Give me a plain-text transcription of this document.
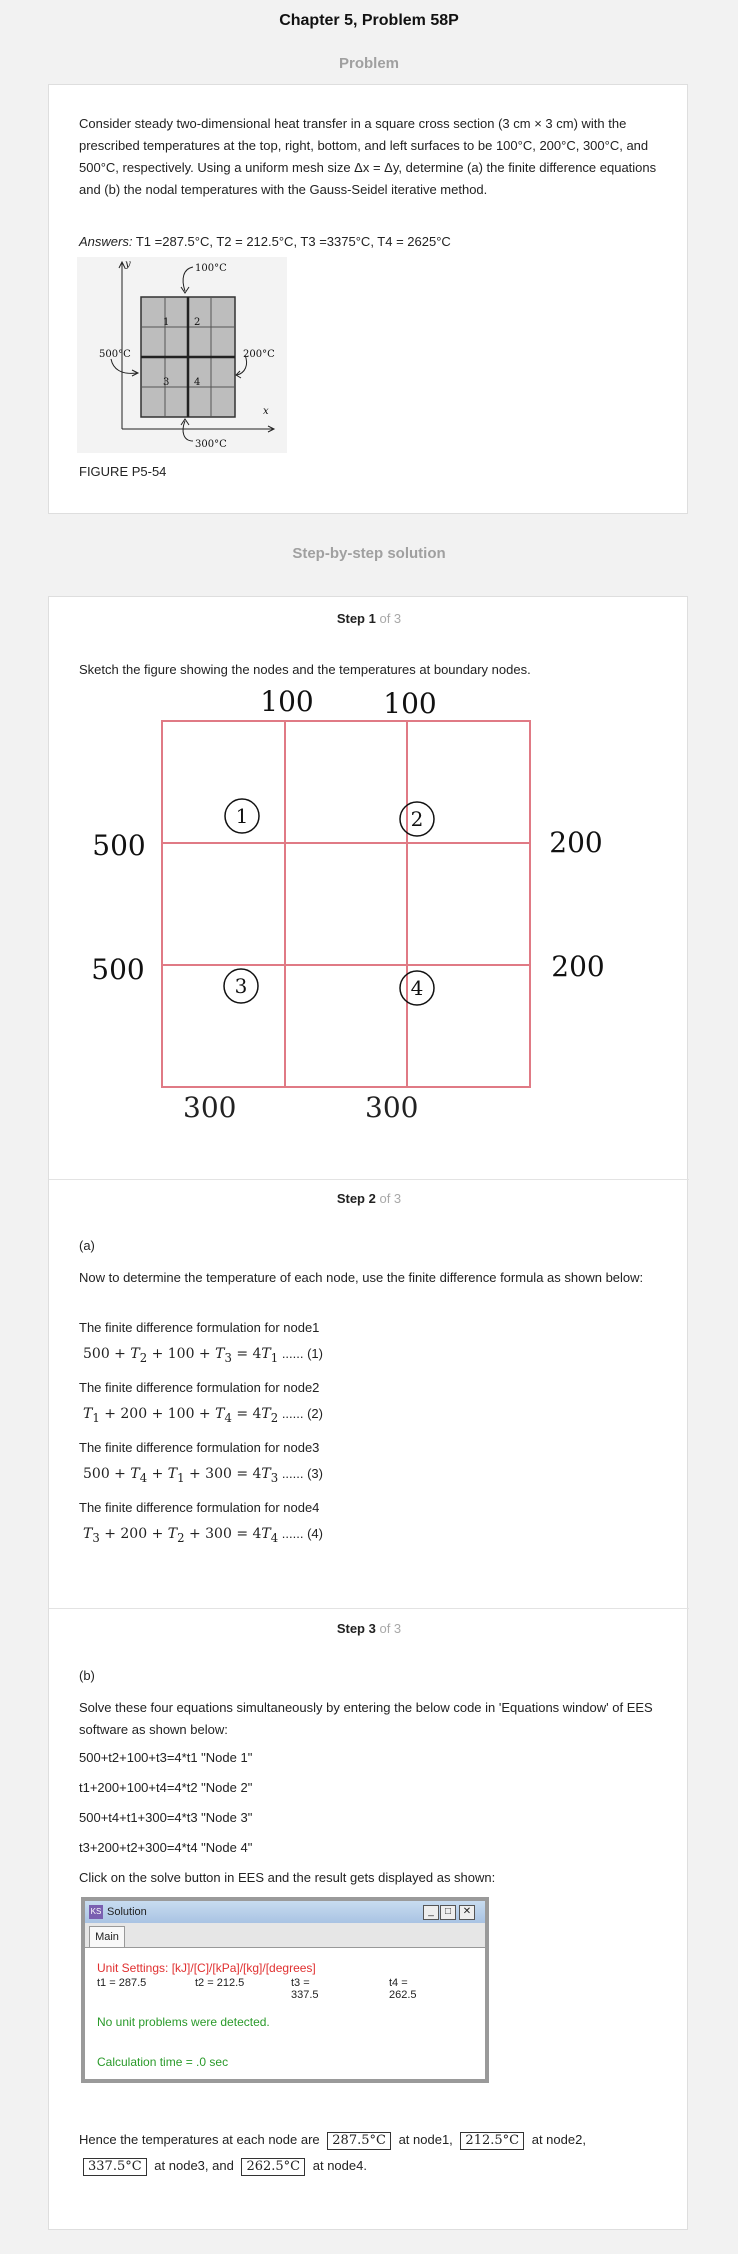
Chapter 5, Problem 58P
Problem

Consider steady two-dimensional heat transfer in a square cross section (3 cm × 3 cm) with the prescribed temperatures at the top, right, bottom, and left surfaces to be 100°C, 200°C, 300°C, and 500°C, respectively. Using a uniform mesh size Δx = Δy, determine (a) the finite difference equations and (b) the nodal temperatures with the Gauss-Seidel iterative method.

Answers: T1 =287.5°C, T2 = 212.5°C, T3 =3375°C, T4 = 2625°C

1 2
3 4
100°C
200°C
300°C
500°C
y
x

FIGURE P5-54

Step-by-step solution
Step 1 of 3

Sketch the figure showing the nodes and the temperatures at boundary nodes.

1	2
3	4
100 100
500
500
200
200
300	300
Step 2 of 3

(a)

Now to determine the temperature of each node, use the finite difference formula as shown below:

The finite difference formulation for node1

$500 + T_2 + 100 + T_3 = 4T_1$ ...... (1)

The finite difference formulation for node2

$T_1 + 200 + 100 + T_4 = 4T_2$ ...... (2)

The finite difference formulation for node3

$500 + T_4 + T_1 + 300 = 4T_3$ ...... (3)

The finite difference formulation for node4

$T_3 + 200 + T_2 + 300 = 4T_4$ ...... (4)
Step 3 of 3

(b)

Solve these four equations simultaneously by entering the below code in 'Equations window' of EES software as shown below:

500+t2+100+t3=4*t1 "Node 1"

t1+200+100+t4=4*t2 "Node 2"

500+t4+t1+300=4*t3 "Node 3"

t3+200+t2+300=4*t4 "Node 4"

Click on the solve button in EES and the result gets displayed as shown:

KS Solution	_	□	✕
Main
Unit Settings: [kJ]/[C]/[kPa]/[kg]/[degrees]
t1 = 287.5	t2 = 212.5	t3 = 337.5
t4 = 262.5
No unit problems were detected.
Calculation time = .0 sec
Hence the temperatures at each node are 287.5°C at node1, 212.5°C at node2, 337.5°C at node3, and 262.5°C at node4.
